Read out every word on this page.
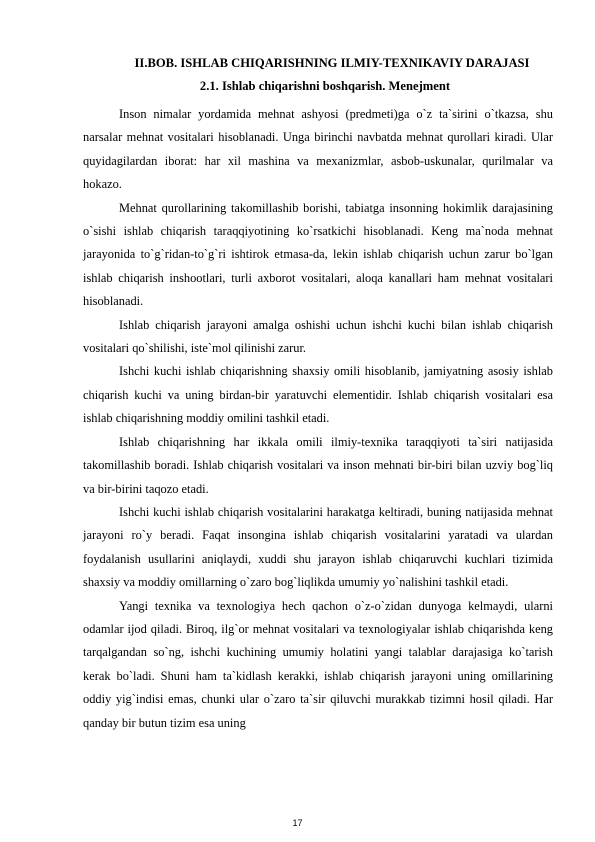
II.BOB. ISHLAB CHIQARISHNING ILMIY-TEXNIKAVIY DARAJASI
2.1. Ishlab chiqarishni boshqarish. Menejment

Inson nimalar yordamida mehnat ashyosi (predmeti)ga o`z ta`sirini o`tkazsa, shu narsalar mehnat vositalari hisoblanadi. Unga birinchi navbatda mehnat qurollari kiradi. Ular quyidagilardan iborat: har xil mashina va mexanizmlar, asbob-uskunalar, qurilmalar va hokazo.

Mehnat qurollarining takomillashib borishi, tabiatga insonning hokimlik darajasining o`sishi ishlab chiqarish taraqqiyotining ko`rsatkichi hisoblanadi. Keng ma`noda mehnat jarayonida to`g`ridan-to`g`ri ishtirok etmasa-da, lekin ishlab chiqarish uchun zarur bo`lgan ishlab chiqarish inshootlari, turli axborot vositalari, aloqa kanallari ham mehnat vositalari hisoblanadi.

Ishlab chiqarish jarayoni amalga oshishi uchun ishchi kuchi bilan ishlab chiqarish vositalari qo`shilishi, iste`mol qilinishi zarur.

Ishchi kuchi ishlab chiqarishning shaxsiy omili hisoblanib, jamiyatning asosiy ishlab chiqarish kuchi va uning birdan-bir yaratuvchi elementidir. Ishlab chiqarish vositalari esa ishlab chiqarishning moddiy omilini tashkil etadi.

Ishlab chiqarishning har ikkala omili ilmiy-texnika taraqqiyoti ta`siri natijasida takomillashib boradi. Ishlab chiqarish vositalari va inson mehnati bir-biri bilan uzviy bog`liq va bir-birini taqozo etadi.

Ishchi kuchi ishlab chiqarish vositalarini harakatga keltiradi, buning natijasida mehnat jarayoni ro`y beradi. Faqat insongina ishlab chiqarish vositalarini yaratadi va ulardan foydalanish usullarini aniqlaydi, xuddi shu jarayon ishlab chiqaruvchi kuchlari tizimida shaxsiy va moddiy omillarning o`zaro bog`liqlikda umumiy yo`nalishini tashkil etadi.

Yangi texnika va texnologiya hech qachon o`z-o`zidan dunyoga kelmaydi, ularni odamlar ijod qiladi. Biroq, ilg`or mehnat vositalari va texnologiyalar ishlab chiqarishda keng tarqalgandan so`ng, ishchi kuchining umumiy holatini yangi talablar darajasiga ko`tarish kerak bo`ladi. Shuni ham ta`kidlash kerakki, ishlab chiqarish jarayoni uning omillarining oddiy yig`indisi emas, chunki ular o`zaro ta`sir qiluvchi murakkab tizimni hosil qiladi. Har qanday bir butun tizim esa uning

17
